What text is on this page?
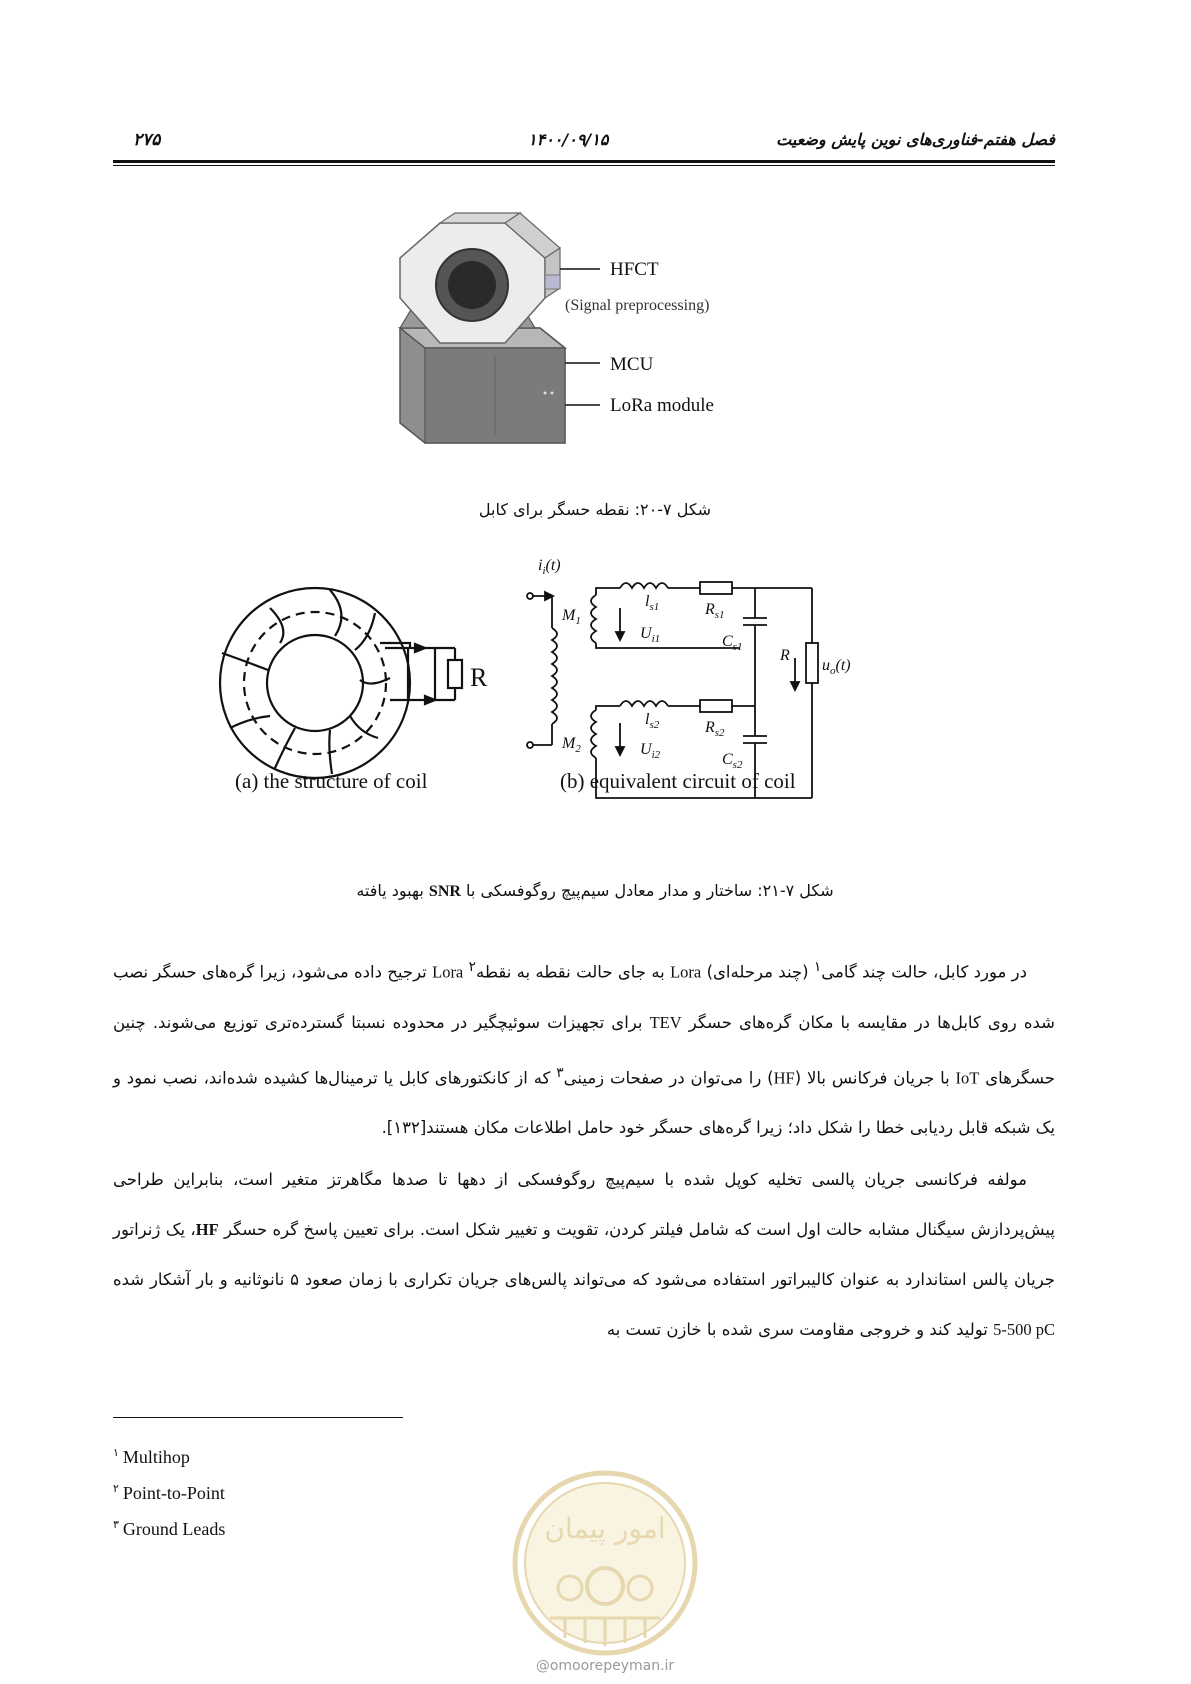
فصل هفتم-فناوری‌های نوین پایش وضعیت
۱۴۰۰/۰۹/۱۵
۲۷۵
HFCT
(Signal preprocessing)
MCU
LoRa module
شکل ۷-۲۰: نقطه حسگر برای کابل
R
$i_i(t)$
$M_1$
$M_2$
$l_{s1}$
$l_{s2}$
$R_{s1}$
$R_{s2}$
$C_{s1}$
$C_{s2}$
$U_{i1}$
$U_{i2}$
R
$u_o(t)$
(a) the structure of coil	(b) equivalent circuit of coil
شکل ۷-۲۱: ساختار و مدار معادل سیم‌پیچ روگوفسکی با SNR بهبود یافته

در مورد کابل، حالت چند گامی$^۱$ (چند مرحله‌ای) Lora به جای حالت نقطه به نقطه$^۲$ Lora ترجیح داده می‌شود، زیرا گره‌های حسگر نصب شده روی کابل‌ها در مقایسه با مکان گره‌های حسگر TEV برای تجهیزات سوئیچگیر در محدوده نسبتا گسترده‌تری توزیع می‌شوند. چنین حسگرهای IoT با جریان فرکانس بالا (HF) را می‌توان در صفحات زمینی$^۳$ که از کانکتورهای کابل یا ترمینال‌ها کشیده شده‌اند، نصب نمود و یک شبکه قابل ردیابی خطا را شکل داد؛ زیرا گره‌های حسگر خود حامل اطلاعات مکان هستند[۱۳۲].

مولفه فرکانسی جریان پالسی تخلیه کوپل شده با سیم‌پیچ روگوفسکی از دهها تا صدها مگاهرتز متغیر است، بنابراین طراحی پیش‌پردازش سیگنال مشابه حالت اول است که شامل فیلتر کردن، تقویت و تغییر شکل است. برای تعیین پاسخ گره حسگر HF، یک ژنراتور جریان پالس استاندارد به عنوان کالیبراتور استفاده می‌شود که می‌تواند پالس‌های جریان تکراری با زمان صعود ۵ نانوثانیه و بار آشکار شده 5-500 pC تولید کند و خروجی مقاومت سری شده با خازن تست به

$^۱$ Multihop
$^۲$ Point-to-Point
$^۳$ Ground Leads	امور پیمان
@omoorepeyman.ir
